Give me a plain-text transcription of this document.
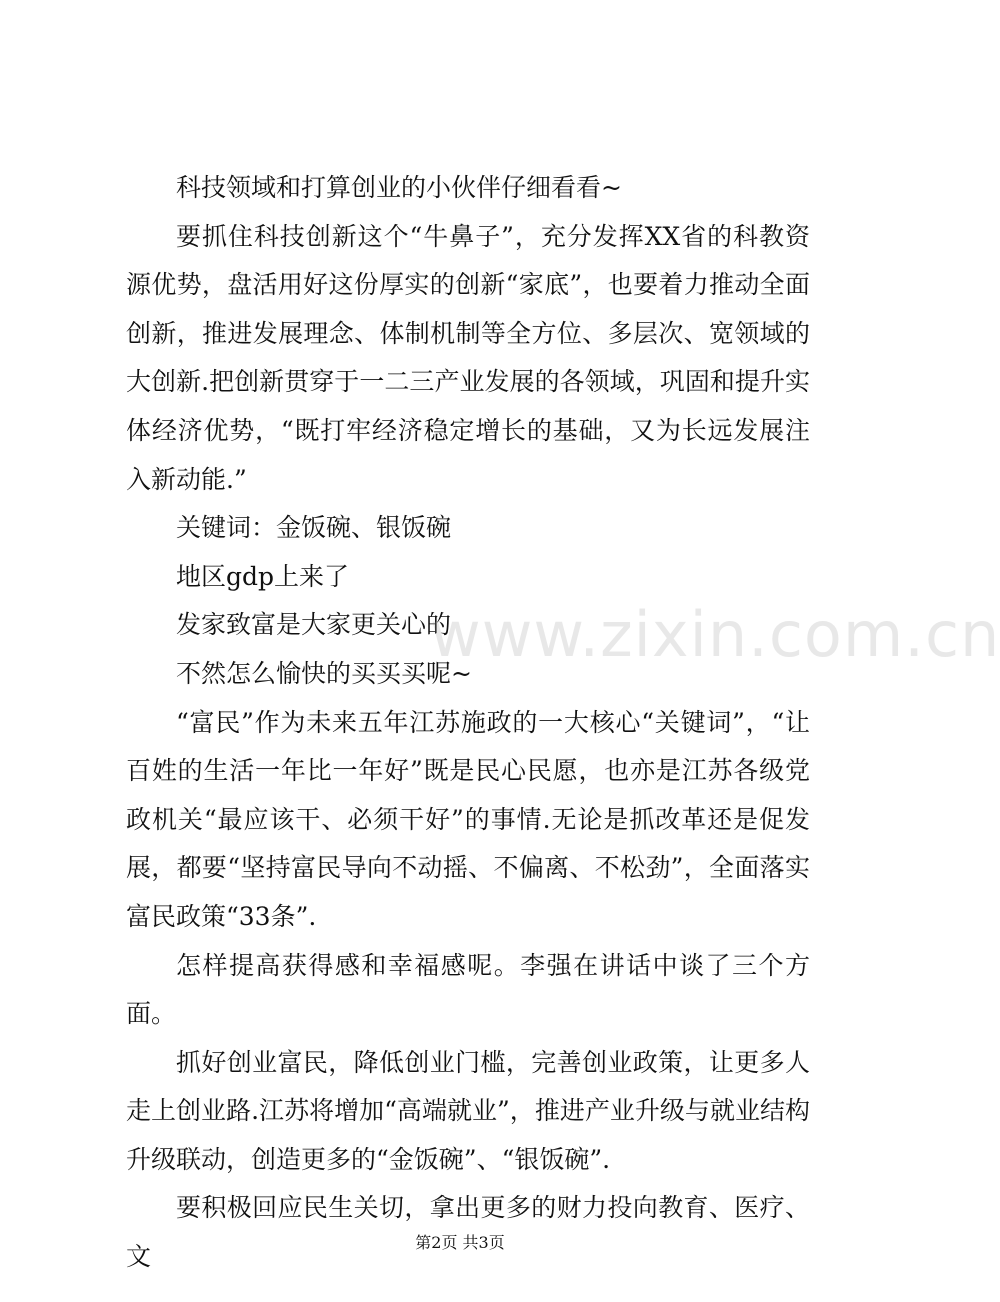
科技领域和打算创业的小伙伴仔细看看~

要抓住科技创新这个“牛鼻子”，充分发挥XX省的科教资源优势，盘活用好这份厚实的创新“家底”，也要着力推动全面创新，推进发展理念、体制机制等全方位、多层次、宽领域的大创新.把创新贯穿于一二三产业发展的各领域，巩固和提升实体经济优势，“既打牢经济稳定增长的基础，又为长远发展注入新动能.”

关键词：金饭碗、银饭碗

地区gdp上来了

发家致富是大家更关心的

不然怎么愉快的买买买呢~

“富民”作为未来五年江苏施政的一大核心“关键词”，“让百姓的生活一年比一年好”既是民心民愿，也亦是江苏各级党政机关“最应该干、必须干好”的事情.无论是抓改革还是促发展，都要“坚持富民导向不动摇、不偏离、不松劲”，全面落实富民政策“33条”.

怎样提高获得感和幸福感呢。李强在讲话中谈了三个方面。

抓好创业富民，降低创业门槛，完善创业政策，让更多人走上创业路.江苏将增加“高端就业”，推进产业升级与就业结构升级联动，创造更多的“金饭碗”、“银饭碗”.

要积极回应民生关切，拿出更多的财力投向教育、医疗、文

www.zixin.com.cn
第2页 共3页
